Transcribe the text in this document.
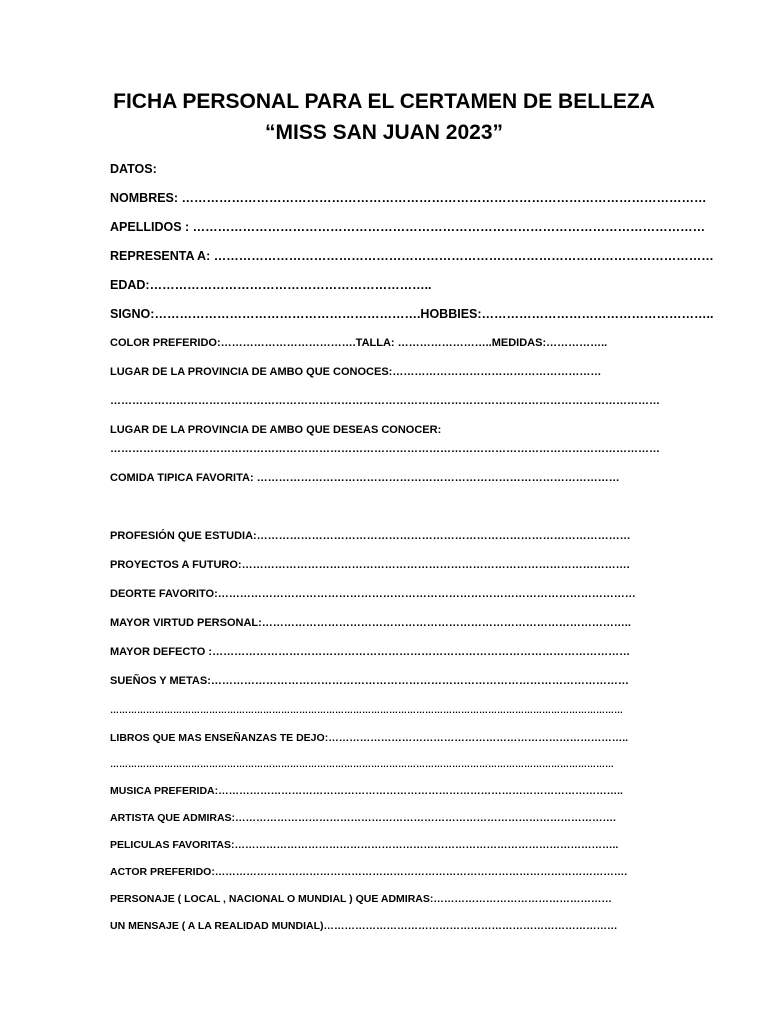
FICHA PERSONAL PARA EL CERTAMEN DE BELLEZA
“MISS SAN JUAN 2023”
DATOS:
NOMBRES: ………………………………………………………………………………………………………………
APELLIDOS : ……………………………………………………………………………………………………………
REPRESENTA A: …………………………………………………………………………………………………………
EDAD:…………………………………………………………..
SIGNO:……………………………………………………….HOBBIES:………………………………………………..
COLOR PREFERIDO:……………………………….TALLA: ……………………..MEDIDAS:……………..
LUGAR DE LA PROVINCIA DE AMBO QUE CONOCES:…………………………………………………
……………………………………………………………………………………………………………………………………
LUGAR DE LA PROVINCIA DE AMBO QUE DESEAS CONOCER:
……………………………………………………………………………………………………………………………………
COMIDA TIPICA FAVORITA: ………………………………………………………………………………………
PROFESIÓN QUE ESTUDIA:…………………………………………………………………………………………
PROYECTOS A FUTURO:…………………………………………………………………………………………….
DEORTE FAVORITO:……………………………………………………………………………………………………
MAYOR VIRTUD PERSONAL:………………………………………………………………………………………..
MAYOR DEFECTO :……………………………………………………………………………………………………
SUEÑOS Y METAS:……………………………………………………………………………………………………
………………………………………………………………………………………………………………………………………………………
LIBROS QUE MAS ENSEÑANZAS TE DEJO:…………………………………………………………………………..
……………………………………………………………………………………………………………………………………………………
MUSICA PREFERIDA:……………………………………………………………………………………………………..
ARTISTA QUE ADMIRAS:……………………………………………………………………………………………….
PELICULAS FAVORITAS:………………………………………………………………………………………………..
ACTOR PREFERIDO:……………………………………………………………………………………………………….
PERSONAJE ( LOCAL , NACIONAL O MUNDIAL ) QUE ADMIRAS:……………………………………………
UN MENSAJE ( A LA REALIDAD MUNDIAL)…………………………………………………………………………
